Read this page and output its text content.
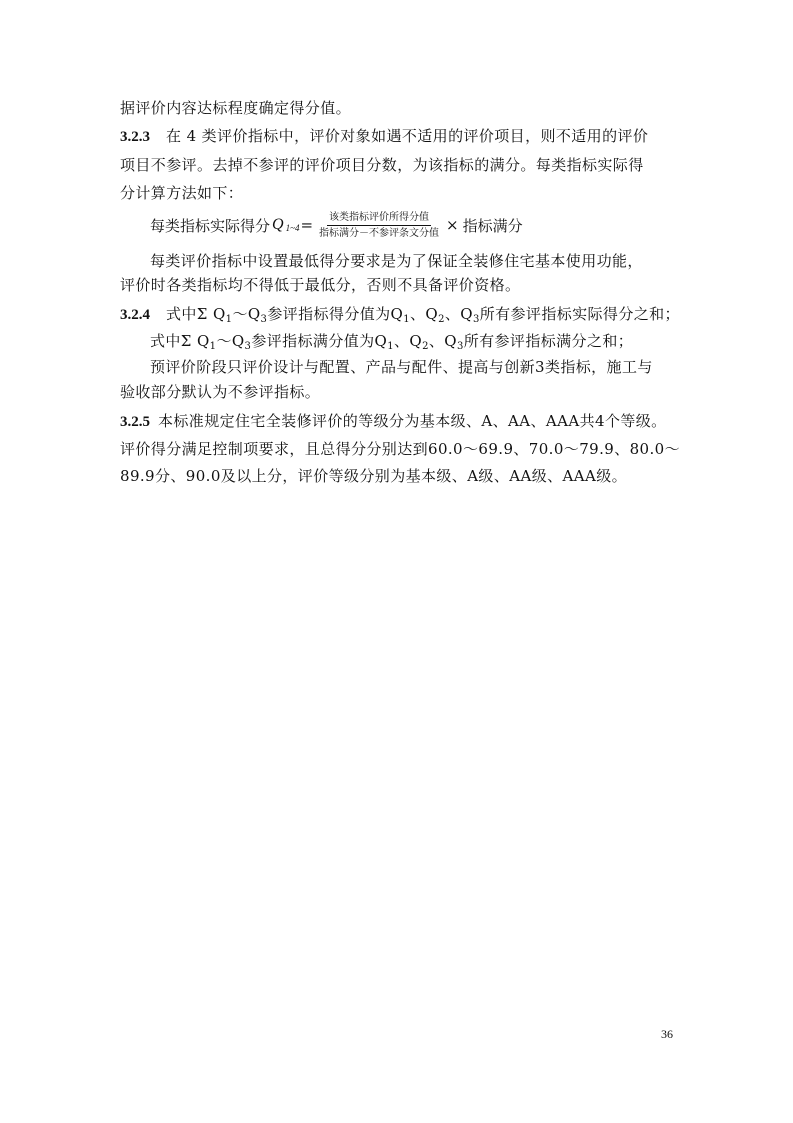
据评价内容达标程度确定得分值。
3.2.3 在 4 类评价指标中，评价对象如遇不适用的评价项目，则不适用的评价
项目不参评。去掉不参评的评价项目分数，为该指标的满分。每类指标实际得
分计算方法如下：
每类指标实际得分 Q 1~4 = $\frac{\text{该类指标评价所得分值}}{\text{指标满分－不参评条文分值}}$ × 指标满分
每类评价指标中设置最低得分要求是为了保证全装修住宅基本使用功能，
评价时各类指标均不得低于最低分，否则不具备评价资格。
3.2.4 式中Σ $Q_1\sim Q_3$参评指标得分值为$Q_1$、$Q_2$、$Q_3$所有参评指标实际得分之和；
式中Σ $Q_1\sim Q_3$参评指标满分值为$Q_1$、$Q_2$、$Q_3$所有参评指标满分之和；
预评价阶段只评价设计与配置、产品与配件、提高与创新3类指标，施工与
验收部分默认为不参评指标。
3.2.5 本标准规定住宅全装修评价的等级分为基本级、A、AA、AAA共4个等级。
评价得分满足控制项要求，且总得分分别达到60.0～69.9、70.0～79.9、80.0～
89.9分、90.0及以上分，评价等级分别为基本级、A级、AA级、AAA级。
36
